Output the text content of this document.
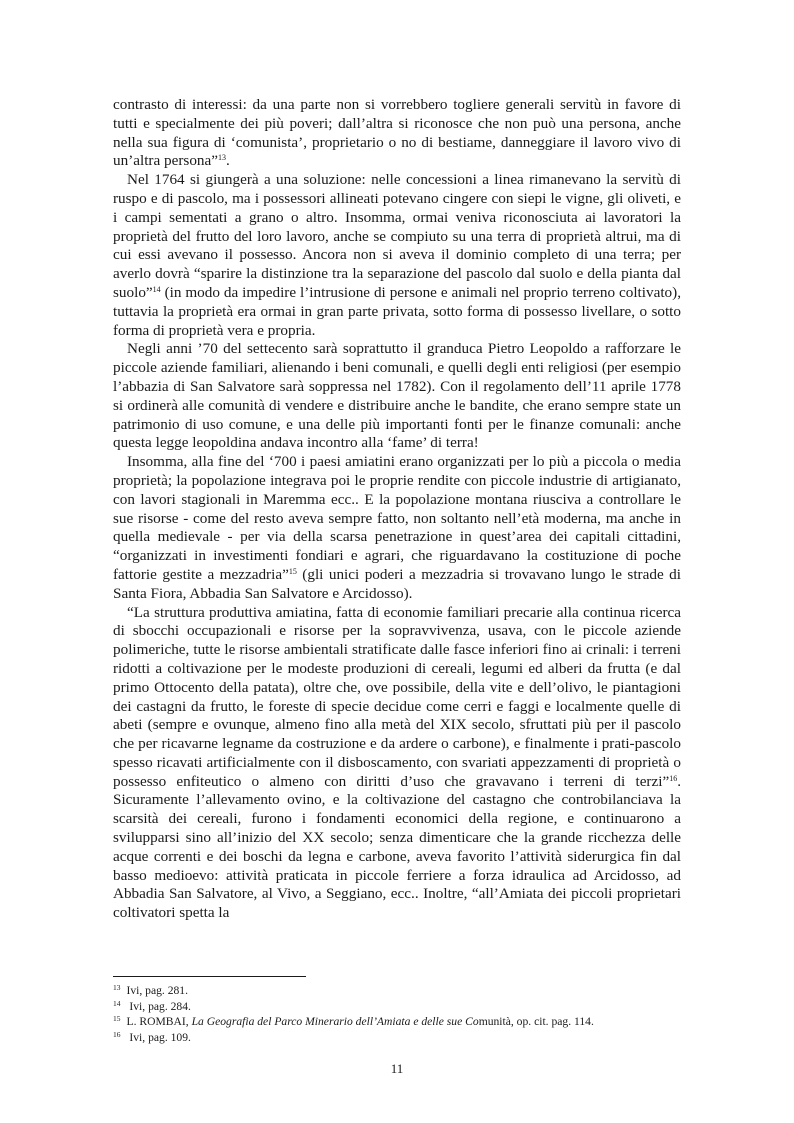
contrasto di interessi: da una parte non si vorrebbero togliere generali servitù in favore di tutti e specialmente dei più poveri; dall’altra si riconosce che non può una persona, anche nella sua figura di ‘comunista’, proprietario o no di bestiame, danneggiare il lavoro vivo di un’altra persona”$^{13}$.

Nel 1764 si giungerà a una soluzione: nelle concessioni a linea rimanevano la servitù di ruspo e di pascolo, ma i possessori allineati potevano cingere con siepi le vigne, gli oliveti, e i campi sementati a grano o altro. Insomma, ormai veniva riconosciuta ai lavoratori la proprietà del frutto del loro lavoro, anche se compiuto su una terra di proprietà altrui, ma di cui essi avevano il possesso. Ancora non si aveva il dominio completo di una terra; per averlo dovrà “sparire la distinzione tra la separazione del pascolo dal suolo e della pianta dal suolo”$^{14}$ (in modo da impedire l’intrusione di persone e animali nel proprio terreno coltivato), tuttavia la proprietà era ormai in gran parte privata, sotto forma di possesso livellare, o sotto forma di proprietà vera e propria.

Negli anni ’70 del settecento sarà soprattutto il granduca Pietro Leopoldo a rafforzare le piccole aziende familiari, alienando i beni comunali, e quelli degli enti religiosi (per esempio l’abbazia di San Salvatore sarà soppressa nel 1782). Con il regolamento dell’11 aprile 1778 si ordinerà alle comunità di vendere e distribuire anche le bandite, che erano sempre state un patrimonio di uso comune, e una delle più importanti fonti per le finanze comunali: anche questa legge leopoldina andava incontro alla ‘fame’ di terra!

Insomma, alla fine del ‘700 i paesi amiatini erano organizzati per lo più a piccola o media proprietà; la popolazione integrava poi le proprie rendite con piccole industrie di artigianato, con lavori stagionali in Maremma ecc.. E la popolazione montana riusciva a controllare le sue risorse - come del resto aveva sempre fatto, non soltanto nell’età moderna, ma anche in quella medievale - per via della scarsa penetrazione in quest’area dei capitali cittadini, “organizzati in investimenti fondiari e agrari, che riguardavano la costituzione di poche fattorie gestite a mezzadria”$^{15}$ (gli unici poderi a mezzadria si trovavano lungo le strade di Santa Fiora, Abbadia San Salvatore e Arcidosso).

“La struttura produttiva amiatina, fatta di economie familiari precarie alla continua ricerca di sbocchi occupazionali e risorse per la sopravvivenza, usava, con le piccole aziende polimeriche, tutte le risorse ambientali stratificate dalle fasce inferiori fino ai crinali: i terreni ridotti a coltivazione per le modeste produzioni di cereali, legumi ed alberi da frutta (e dal primo Ottocento della patata), oltre che, ove possibile, della vite e dell’olivo, le piantagioni dei castagni da frutto, le foreste di specie decidue come cerri e faggi e localmente quelle di abeti (sempre e ovunque, almeno fino alla metà del XIX secolo, sfruttati più per il pascolo che per ricavarne legname da costruzione e da ardere o carbone), e finalmente i prati-pascolo spesso ricavati artificialmente con il disboscamento, con svariati appezzamenti di proprietà o possesso enfiteutico o almeno con diritti d’uso che gravavano i terreni di terzi”$^{16}$. Sicuramente l’allevamento ovino, e la coltivazione del castagno che controbilanciava la scarsità dei cereali, furono i fondamenti economici della regione, e continuarono a svilupparsi sino all’inizio del XX secolo; senza dimenticare che la grande ricchezza delle acque correnti e dei boschi da legna e carbone, aveva favorito l’attività siderurgica fin dal basso medioevo: attività praticata in piccole ferriere a forza idraulica ad Arcidosso, ad Abbadia San Salvatore, al Vivo, a Seggiano, ecc.. Inoltre, “all’Amiata dei piccoli proprietari coltivatori spetta la

$^{13}$ Ivi, pag. 281.

$^{14}$ Ivi, pag. 284.

$^{15}$ L. ROMBAI, La Geografia del Parco Minerario dell’Amiata e delle sue Comunità, op. cit. pag. 114.

$^{16}$ Ivi, pag. 109.

11
